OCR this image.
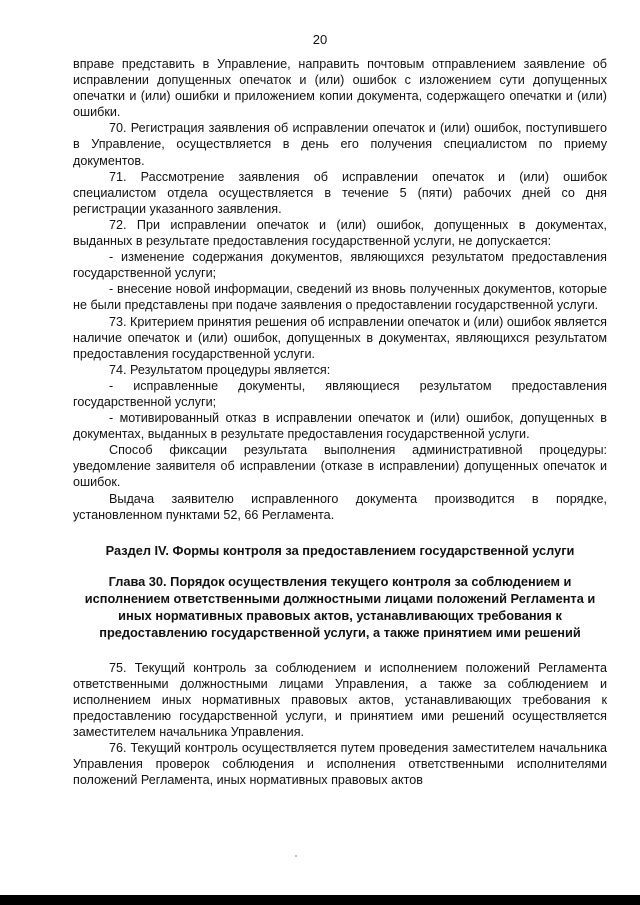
20

вправе представить в Управление, направить почтовым отправлением заявление об исправлении допущенных опечаток и (или) ошибок с изложением сути допущенных опечатки и (или) ошибки и приложением копии документа, содержащего опечатки и (или) ошибки.

70. Регистрация заявления об исправлении опечаток и (или) ошибок, поступившего в Управление, осуществляется в день его получения специалистом по приему документов.

71. Рассмотрение заявления об исправлении опечаток и (или) ошибок специалистом отдела осуществляется в течение 5 (пяти) рабочих дней со дня регистрации указанного заявления.

72. При исправлении опечаток и (или) ошибок, допущенных в документах, выданных в результате предоставления государственной услуги, не допускается:

- изменение содержания документов, являющихся результатом предоставления государственной услуги;

- внесение новой информации, сведений из вновь полученных документов, которые не были представлены при подаче заявления о предоставлении государственной услуги.

73. Критерием принятия решения об исправлении опечаток и (или) ошибок является наличие опечаток и (или) ошибок, допущенных в документах, являющихся результатом предоставления государственной услуги.

74. Результатом процедуры является:

- исправленные документы, являющиеся результатом предоставления государственной услуги;

- мотивированный отказ в исправлении опечаток и (или) ошибок, допущенных в документах, выданных в результате предоставления государственной услуги.

Способ фиксации результата выполнения административной процедуры: уведомление заявителя об исправлении (отказе в исправлении) допущенных опечаток и ошибок.

Выдача заявителю исправленного документа производится в порядке, установленном пунктами 52, 66 Регламента.

Раздел IV. Формы контроля за предоставлением государственной услуги

Глава 30. Порядок осуществления текущего контроля за соблюдением и исполнением ответственными должностными лицами положений Регламента и иных нормативных правовых актов, устанавливающих требования к предоставлению государственной услуги, а также принятием ими решений

75. Текущий контроль за соблюдением и исполнением положений Регламента ответственными должностными лицами Управления, а также за соблюдением и исполнением иных нормативных правовых актов, устанавливающих требования к предоставлению государственной услуги, и принятием ими решений осуществляется заместителем начальника Управления.

76. Текущий контроль осуществляется путем проведения заместителем начальника Управления проверок соблюдения и исполнения ответственными исполнителями положений Регламента, иных нормативных правовых актов
